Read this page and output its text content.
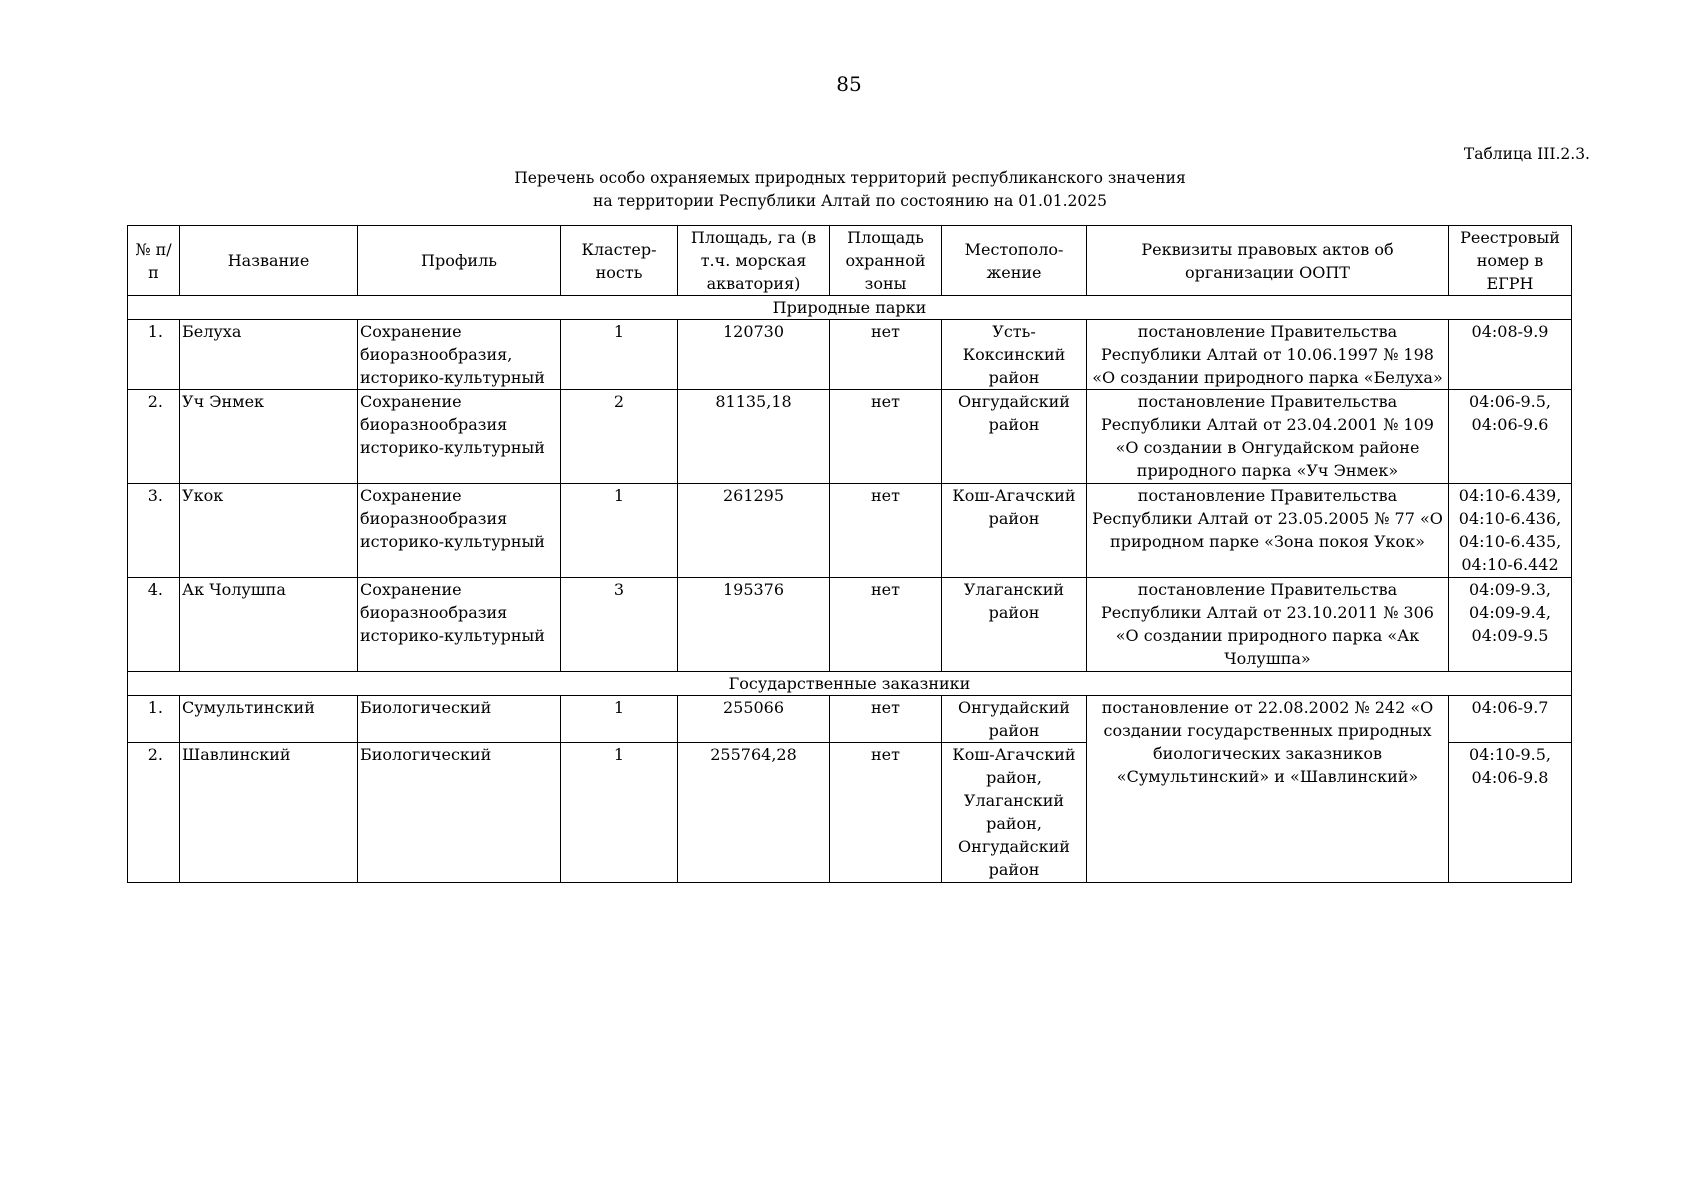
85
Таблица III.2.3.
Перечень особо охраняемых природных территорий республиканского значения
на территории Республики Алтай по состоянию на 01.01.2025
№ п/п	Название	Профиль	Кластер-ность	Площадь, га (в т.ч. морская акватория)	Площадь охранной зоны	Местополо-жение	Реквизиты правовых актов об организации ООПТ	Реестровый номер в ЕГРН
Природные парки								
1.	Белуха	Сохранение биоразнообразия, историко-культурный	1	120730	нет	Усть-Коксинский район	постановление Правительства Республики Алтай от 10.06.1997 № 198 «О создании природного парка «Белуха»	04:08-9.9
2.	Уч Энмек	Сохранение биоразнообразия историко-культурный	2	81135,18	нет	Онгудайский район	постановление Правительства Республики Алтай от 23.04.2001 № 109 «О создании в Онгудайском районе природного парка «Уч Энмек»	04:06-9.5, 04:06-9.6
3.	Укок	Сохранение биоразнообразия историко-культурный	1	261295	нет	Кош-Агачский район	постановление Правительства Республики Алтай от 23.05.2005 № 77 «О природном парке «Зона покоя Укок»	04:10-6.439, 04:10-6.436, 04:10-6.435, 04:10-6.442
4.	Ак Чолушпа	Сохранение биоразнообразия историко-культурный	3	195376	нет	Улаганский район	постановление Правительства Республики Алтай от 23.10.2011 № 306 «О создании природного парка «Ак Чолушпа»	04:09-9.3, 04:09-9.4, 04:09-9.5
Государственные заказники								
1.	Сумультинский	Биологический	1	255066	нет	Онгудайский район	постановление от 22.08.2002 № 242 «О создании государственных природных биологических заказников «Сумультинский» и «Шавлинский»	04:06-9.7
2.	Шавлинский	Биологический	1	255764,28	нет	Кош-Агачский район, Улаганский район, Онгудайский район		04:10-9.5, 04:06-9.8
